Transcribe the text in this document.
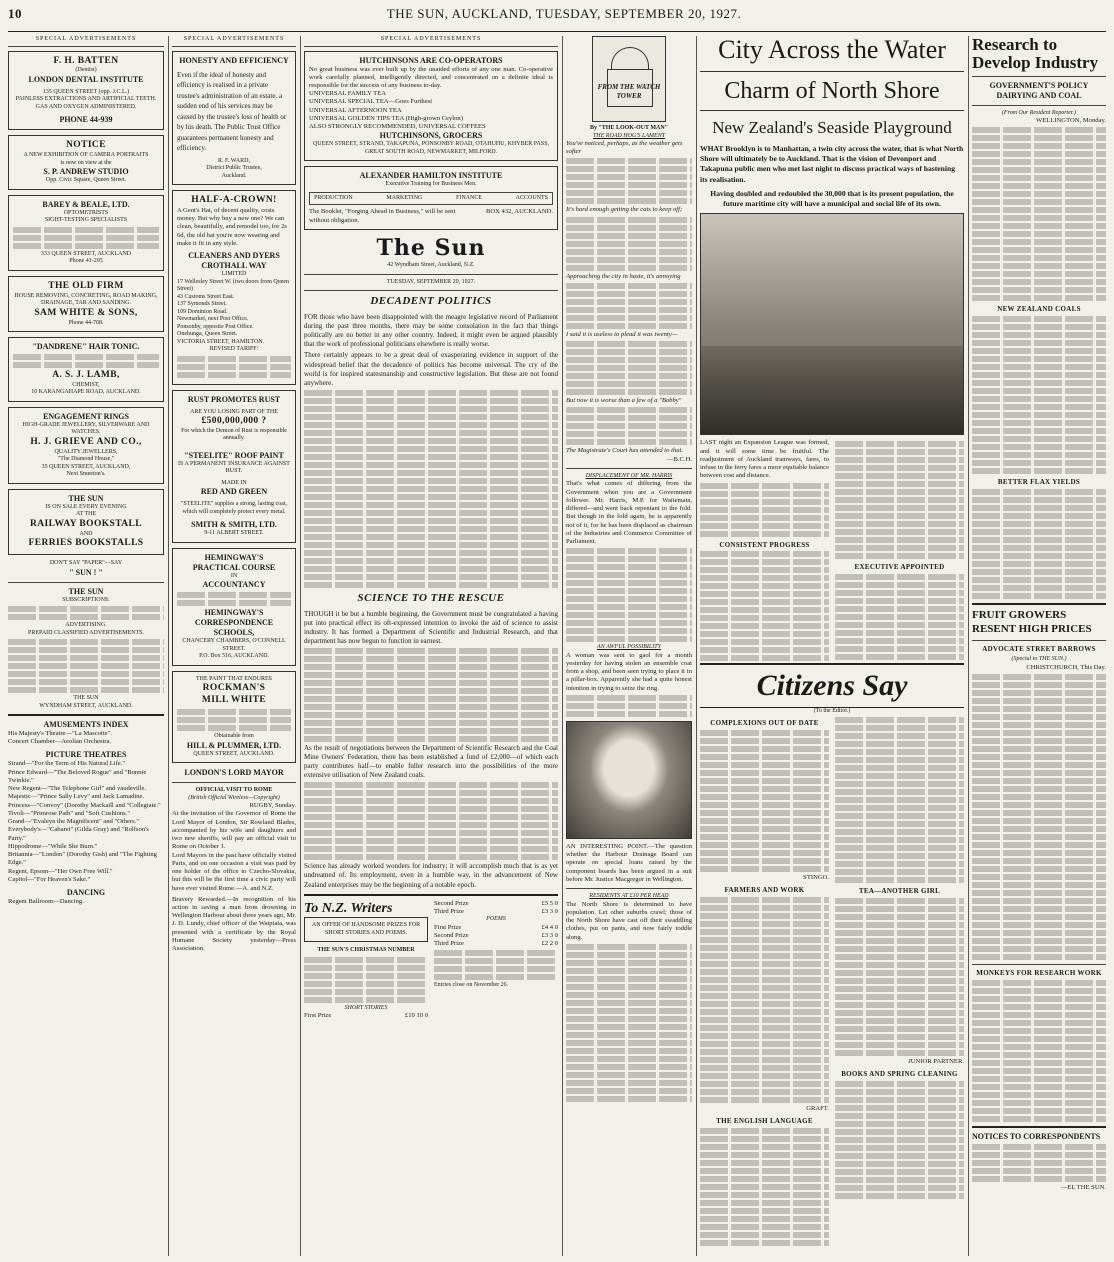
10	THE SUN, AUCKLAND, TUESDAY, SEPTEMBER 20, 1927.
SPECIAL ADVERTISEMENTS
F. H. BATTEN
(Dentist)
LONDON DENTAL INSTITUTE
135 QUEEN STREET (opp. J.C.L.)
PAINLESS EXTRACTIONS AND ARTIFICIAL TEETH.
GAS AND OXYGEN ADMINISTERED.
PHONE 44-939
NOTICE
A NEW EXHIBITION OF CAMERA PORTRAITS
is now on view at the
S. P. ANDREW STUDIO
Opp. Civic Square, Queen Street.
BAREY & BEALE, LTD.
OPTOMETRISTS
SIGHT-TESTING SPECIALISTS
333 QUEEN STREET, AUCKLAND
Phone 41-205
THE OLD FIRM
HOUSE REMOVING, CONCRETING, ROAD MAKING, DRAINAGE, TAR AND SANDING.
SAM WHITE & SONS,
Phone 44-708.
"DANDRENE" HAIR TONIC.
A. S. J. LAMB,
CHEMIST,
10 KARANGAHAPE ROAD, AUCKLAND.
ENGAGEMENT RINGS
HIGH-GRADE JEWELLERY, SILVERWARE AND WATCHES.
H. J. GRIEVE AND CO.,
QUALITY JEWELLERS,
"The Diamond House,"
35 QUEEN STREET, AUCKLAND,
Next Smeeton's.
THE SUN
IS ON SALE EVERY EVENING
AT THE
RAILWAY BOOKSTALL
AND
FERRIES BOOKSTALLS
DON'T SAY "PAPER"—SAY
" SUN ! "
THE SUN
SUBSCRIPTIONS.
ADVERTISING.
PREPAID CLASSIFIED ADVERTISEMENTS.
THE SUN
WYNDHAM STREET, AUCKLAND.
AMUSEMENTS INDEX
His Majesty's Theatre—"La Mascotte".
Concert Chamber—Aeolian Orchestra.
PICTURE THEATRES
Strand—"For the Term of His Natural Life."
Prince Edward—"The Beloved Rogue" and "Bonnie Twinkie."
New Regent—"The Telephone Girl" and vaudeville.
Majestic—"Prince Sally Levy" and Jack Lamadine.
Princess—"Convoy" (Dorothy Mackaill and "Collegiate."
Tivoli—"Primrose Path" and "Soft Cushions."
Grand—"Evaleyn the Magnificent" and "Others."
Everybody's—"Cabaret" (Gilda Gray) and "Rolfson's Party."
Hippodrome—"While She Burn."
Britannia—"London" (Dorothy Gish) and "The Fighting Edge."
Regent, Epsom—"Her Own Free Will."
Capitol—"For Heaven's Sake."
DANCING
Regent Ballroom—Dancing.
SPECIAL ADVERTISEMENTS
HONESTY AND EFFICIENCY
Even if the ideal of honesty and efficiency is realised in a private trustee's administration of an estate, a sudden end of his services may be caused by the trustee's loss of health or by his death. The Public Trust Office guarantees permanent honesty and efficiency.
R. F. WARD,
District Public Trustee,
Auckland.
HALF-A-CROWN!
A Gent's Hat, of decent quality, costs money. But why buy a new one? We can clean, beautifully, and remodel too, for 2s 6d, the old hat you're now wearing and make it fit in any style.
CLEANERS AND DYERS
CROTHALL WAY
LIMITED
17 Wellesley Street W. (two doors from Queen Street)
43 Customs Street East.
137 Symonds Street.
109 Dominion Road.
Newmarket, next Post Office.
Ponsonby, opposite Post Office.
Onehunga, Queen Street.
VICTORIA STREET, HAMILTON.
REVISED TARIFF:
RUST PROMOTES RUST
ARE YOU LOSING PART OF THE
£500,000,000 ?
For which the Demon of Rust is responsible annually.
"STEELITE" ROOF PAINT
IS A PERMANENT INSURANCE AGAINST RUST.
MADE IN
RED AND GREEN
"STEELITE" supplies a strong, lasting coat, which will completely protect every metal.
SMITH & SMITH, LTD.
9-11 ALBERT STREET.
HEMINGWAY'S
PRACTICAL COURSE
IN
ACCOUNTANCY
HEMINGWAY'S CORRESPONDENCE SCHOOLS,
CHANCERY CHAMBERS, O'CONNELL STREET.
P.O. Box 516, AUCKLAND.
THE PAINT THAT ENDURES
ROCKMAN'S
MILL WHITE
Obtainable from
HILL & PLUMMER, LTD.
QUEEN STREET, AUCKLAND.
LONDON'S LORD MAYOR
OFFICIAL VISIT TO ROME
(British Official Wireless—Copyright)
RUGBY, Sunday.
At the invitation of the Governor of Rome the Lord Mayor of London, Sir Rowland Blades, accompanied by his wife and daughters and two new sheriffs, will pay an official visit to Rome on October 1.
Lord Mayors in the past have officially visited Paris, and on one occasion a visit was paid by one holder of the office to Czecho-Slovakia, but this will be the first time a civic party will have ever visited Rome.—A. and N.Z.
Bravery Rewarded.—In recognition of his action in saving a man from drowning in Wellington Harbour about three years ago, Mr. J. D. Lundy, chief officer of the Waipiata, was presented with a certificate by the Royal Humane Society yesterday—Press Association.
SPECIAL ADVERTISEMENTS
HUTCHINSONS ARE CO-OPERATORS
No great business was ever built up by the unaided efforts of any one man. Co-operative work carefully planned, intelligently directed, and concentrated on a definite ideal is responsible for the success of any business to-day.
UNIVERSAL FAMILY TEA
UNIVERSAL SPECIAL TEA—Goes Furthest
UNIVERSAL AFTERNOON TEA
UNIVERSAL GOLDEN TIPS TEA (High-grown Ceylon)
ALSO STRONGLY RECOMMENDED, UNIVERSAL COFFEES
HUTCHINSONS, GROCERS
QUEEN STREET, STRAND, TAKAPUNA, PONSONBY ROAD, OTAHUHU, KHYBER PASS, GREAT SOUTH ROAD, NEWMARKET, MILFORD.
ALEXANDER HAMILTON INSTITUTE
Executive Training for Business Men.
PRODUCTION	MARKETING	FINANCE	ACCOUNTS
The Booklet, "Forging Ahead in Business," will be sent without obligation.
BOX 432, AUCKLAND.
The Sun
42 Wyndham Street, Auckland, N.Z.
TUESDAY, SEPTEMBER 20, 1927.
DECADENT POLITICS
FOR those who have been disappointed with the meagre legislative record of Parliament during the past three months, there may be some consolation in the fact that things politically are no better in any other country. Indeed, it might even be argued plausibly that the work of professional politicians elsewhere is really worse.
There certainly appears to be a great deal of exasperating evidence in support of the widespread belief that the decadence of politics has become universal. The cry of the world is for inspired statesmanship and constructive legislation. But these are not found anywhere.
SCIENCE TO THE RESCUE
THOUGH it be but a humble beginning, the Government must be congratulated a having put into practical effect its oft-expressed intention to invoke the aid of science to assist industry. It has formed a Department of Scientific and Industrial Research, and that department has now begun to function in earnest.
As the result of negotiations between the Department of Scientific Research and the Coal Mine Owners' Federation, there has been established a fund of £2,000—of which each party contributes half—to enable fuller research into the possibilities of the more extensive utilisation of New Zealand coals.
Science has already worked wonders for industry; it will accomplish much that is as yet undreamed of. Its employment, even in a humble way, in the advancement of New Zealand enterprises may be the beginning of a notable epoch.
To N.Z. Writers
AN OFFER OF HANDSOME PRIZES FOR SHORT STORIES AND POEMS.
THE SUN'S CHRISTMAS NUMBER
SHORT STORIES
First Prize	£10 10 0
Second Prize	£5 5 0
Third Prize	£3 3 0
POEMS
First Prize	£4 4 0
Second Prize	£3 3 0
Third Prize	£2 2 0
Entries close on November 26.
FROM THE WATCH TOWER
By "THE LOOK-OUT MAN"
THE ROAD HOG'S LAMENT
You've noticed, perhaps, as the weather gets softer
It's hard enough getting the cats to keep off;
Approaching the city in haste, it's annoying
I said it is useless to plead it was twenty—
But now it is worse than a few of a "Bobby"
The Magistrate's Court has attended to that.
—B.C.H.
DISPLACEMENT OF MR. HARRIS
That's what comes of differing from the Government when you are a Government follower. Mr. Harris, M.P. for Waitemata, differed—and went back repentant to the fold. But though in the fold again, he is apparently not of it, for he has been displaced as chairman of the Industries and Commerce Committee of Parliament.
AN AWFUL POSSIBILITY
A woman was sent to gaol for a month yesterday for having stolen an ensemble coat from a shop, and been seen trying to place it in a pillar-box. Apparently she had a quite honest intention in trying to seize the ring.
AN INTERESTING POINT.—The question whether the Harbour Drainage Board can operate on special loans raised by the component boards has been argued in a suit before Mr. Justice Macgregor in Wellington.
RESIDENTS AT £10 PER HEAD
The North Shore is determined to have population. Let other suburbs crawl; those of the North Shore have cast off their swaddling clothes, put on pants, and now fairly toddle along.
City Across the Water
Charm of North Shore
New Zealand's Seaside Playground
WHAT Brooklyn is to Manhattan, a twin city across the water, that is what North Shore will ultimately be to Auckland. That is the vision of Devonport and Takapuna public men who met last night to discuss practical ways of hastening its realisation.
Having doubled and redoubled the 30,000 that is its present population, the future maritime city will have a municipal and social life of its own.
LAST night an Expansion League was formed, and it will some time be fruitful. The readjustment of Auckland tramways, fares, to infuse in the ferry fares a more equitable balance between cost and distance.
CONSISTENT PROGRESS
EXECUTIVE APPOINTED
Citizens Say
(To the Editor.)
COMPLEXIONS OUT OF DATE
STINGO.
FARMERS AND WORK
GRAFT.
THE ENGLISH LANGUAGE
TEA—ANOTHER GIRL
JUNIOR PARTNER.
BOOKS AND SPRING CLEANING
Research to Develop Industry
GOVERNMENT'S POLICY
DAIRYING AND COAL
(From Our Resident Reporter.)
WELLINGTON, Monday.
NEW ZEALAND COALS
BETTER FLAX YIELDS
FRUIT GROWERS RESENT HIGH PRICES
ADVOCATE STREET BARROWS
(Special to THE SUN.)
CHRISTCHURCH, This Day.
MONKEYS FOR RESEARCH WORK
NOTICES TO CORRESPONDENTS
—EL THE SUN.
